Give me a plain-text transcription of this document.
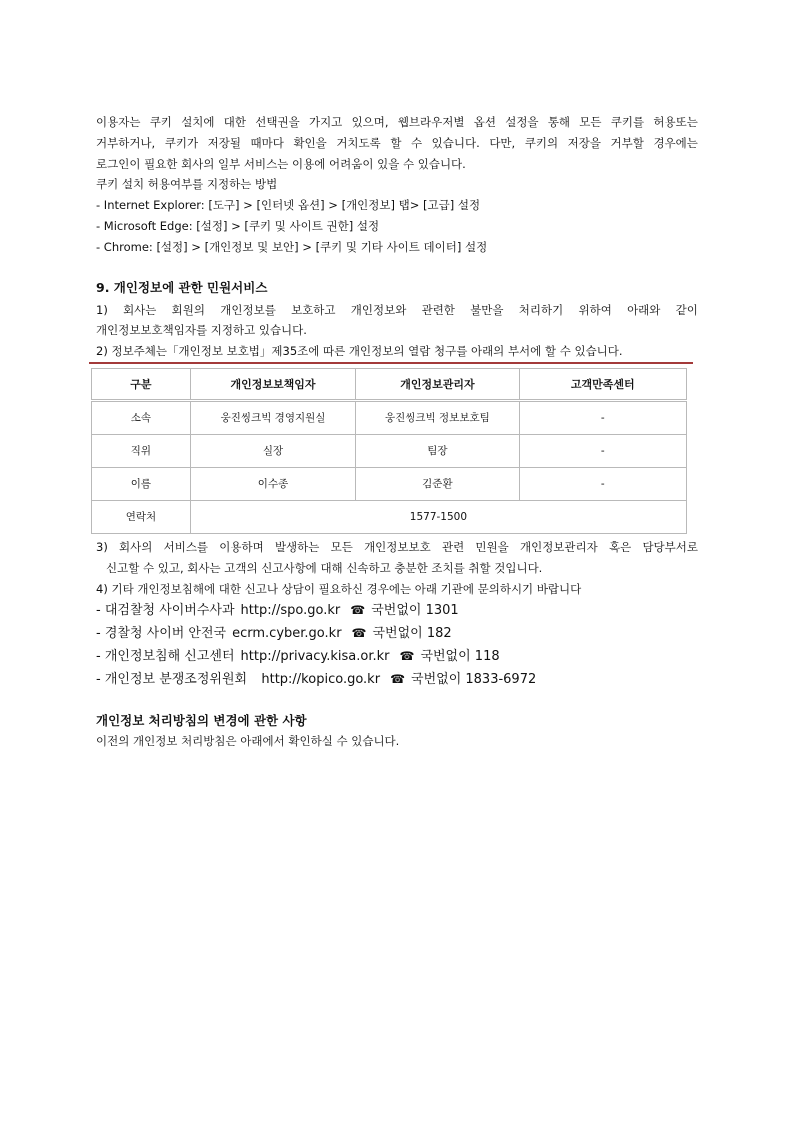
이용자는 쿠키 설치에 대한 선택권을 가지고 있으며, 웹브라우저별 옵션 설정을 통해 모든 쿠키를 허용또는
거부하거나, 쿠키가 저장될 때마다 확인을 거치도록 할 수 있습니다. 다만, 쿠키의 저장을 거부할 경우에는
로그인이 필요한 회사의 일부 서비스는 이용에 어려움이 있을 수 있습니다.
쿠키 설치 허용여부를 지정하는 방법
- Internet Explorer: [도구] > [인터넷 옵션] > [개인정보] 탭> [고급] 설정
- Microsoft Edge: [설정] > [쿠키 및 사이트 권한] 설정
- Chrome: [설정] > [개인정보 및 보안] > [쿠키 및 기타 사이트 데이터] 설정
9. 개인정보에 관한 민원서비스
1) 회사는 회원의 개인정보를 보호하고 개인정보와 관련한 불만을 처리하기 위하여 아래와 같이
개인정보보호책임자를 지정하고 있습니다.
2) 정보주체는「개인정보 보호법」제35조에 따른 개인정보의 열람 청구를 아래의 부서에 할 수 있습니다.
구분	개인정보보책임자	개인정보관리자	고객만족센터
소속	웅진씽크빅 경영지원실	웅진씽크빅 정보보호팀	-
직위	실장	팀장	-
이름	이수종	김준환	-
연락처	1577-1500		
3) 회사의 서비스를 이용하며 발생하는 모든 개인정보보호 관련 민원을 개인정보관리자 혹은 담당부서로
신고할 수 있고, 회사는 고객의 신고사항에 대해 신속하고 충분한 조치를 취할 것입니다.
4) 기타 개인정보침해에 대한 신고나 상담이 필요하신 경우에는 아래 기관에 문의하시기 바랍니다
- 대검찰청 사이버수사과 http://spo.go.kr ☎ 국번없이 1301
- 경찰청 사이버 안전국 ecrm.cyber.go.kr ☎ 국번없이 182
- 개인정보침해 신고센터 http://privacy.kisa.or.kr ☎ 국번없이 118
- 개인정보 분쟁조정위원회  http://kopico.go.kr ☎ 국번없이 1833-6972
개인정보 처리방침의 변경에 관한 사항
이전의 개인정보 처리방침은 아래에서 확인하실 수 있습니다.
